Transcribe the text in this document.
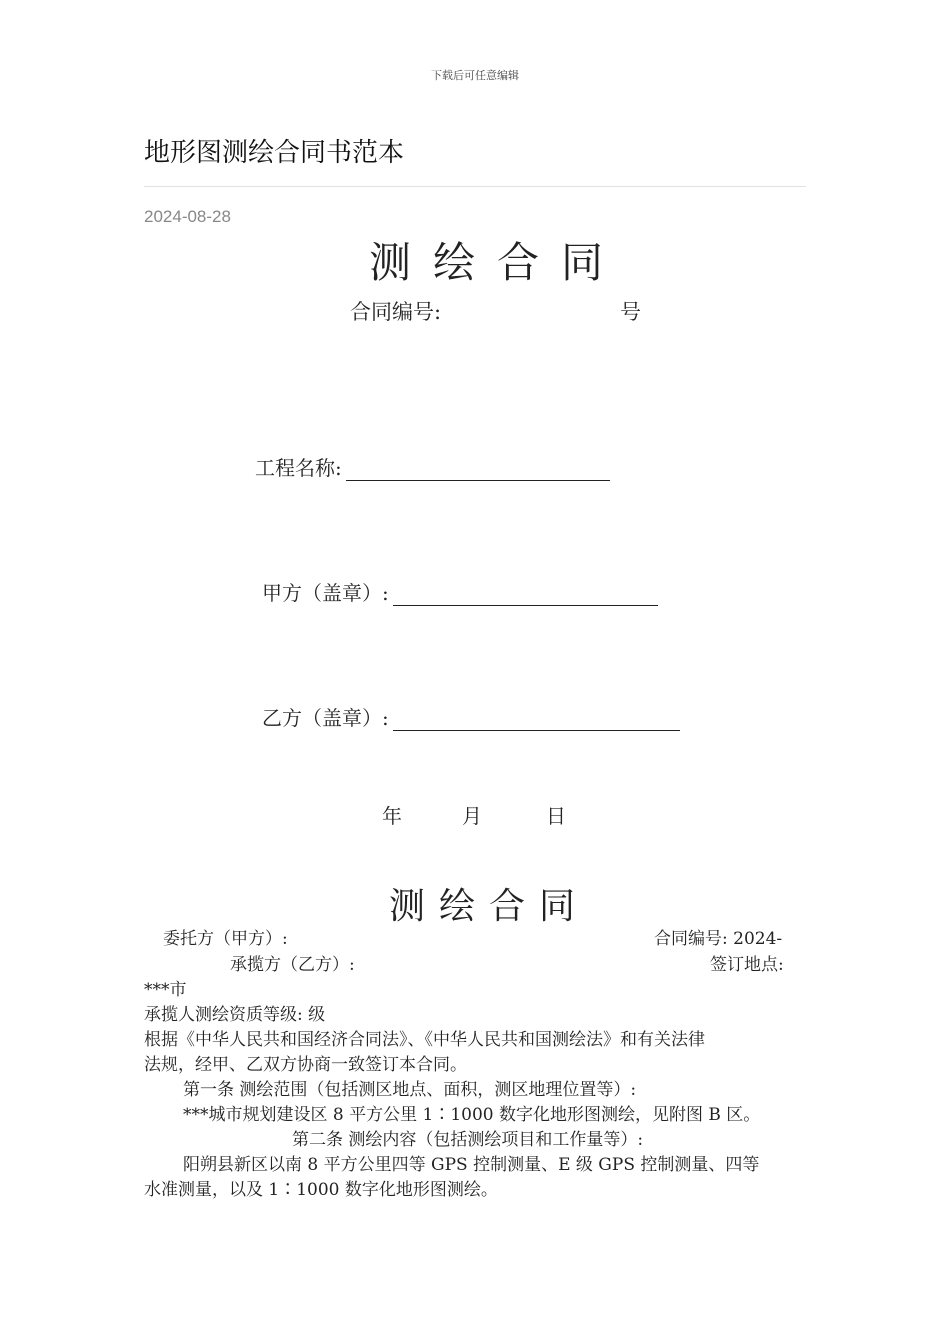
下载后可任意编辑
地形图测绘合同书范本
2024-08-28
测绘合同
合同编号:	号
工程名称:
甲方（盖章）:
乙方（盖章）:
年	月	日
测绘合同
委托方（甲方）:	合同编号: 2024-
承揽方（乙方）:	签订地点:
***市
承揽人测绘资质等级: 级
根据《中华人民共和国经济合同法》、《中华人民共和国测绘法》和有关法律
法规，经甲、乙双方协商一致签订本合同。
第一条 测绘范围（包括测区地点、面积，测区地理位置等）:
***城市规划建设区 8 平方公里 1∶1000 数字化地形图测绘，见附图 B 区。
第二条 测绘内容（包括测绘项目和工作量等）:
阳朔县新区以南 8 平方公里四等 GPS 控制测量、E 级 GPS 控制测量、四等
水准测量，以及 1∶1000 数字化地形图测绘。
